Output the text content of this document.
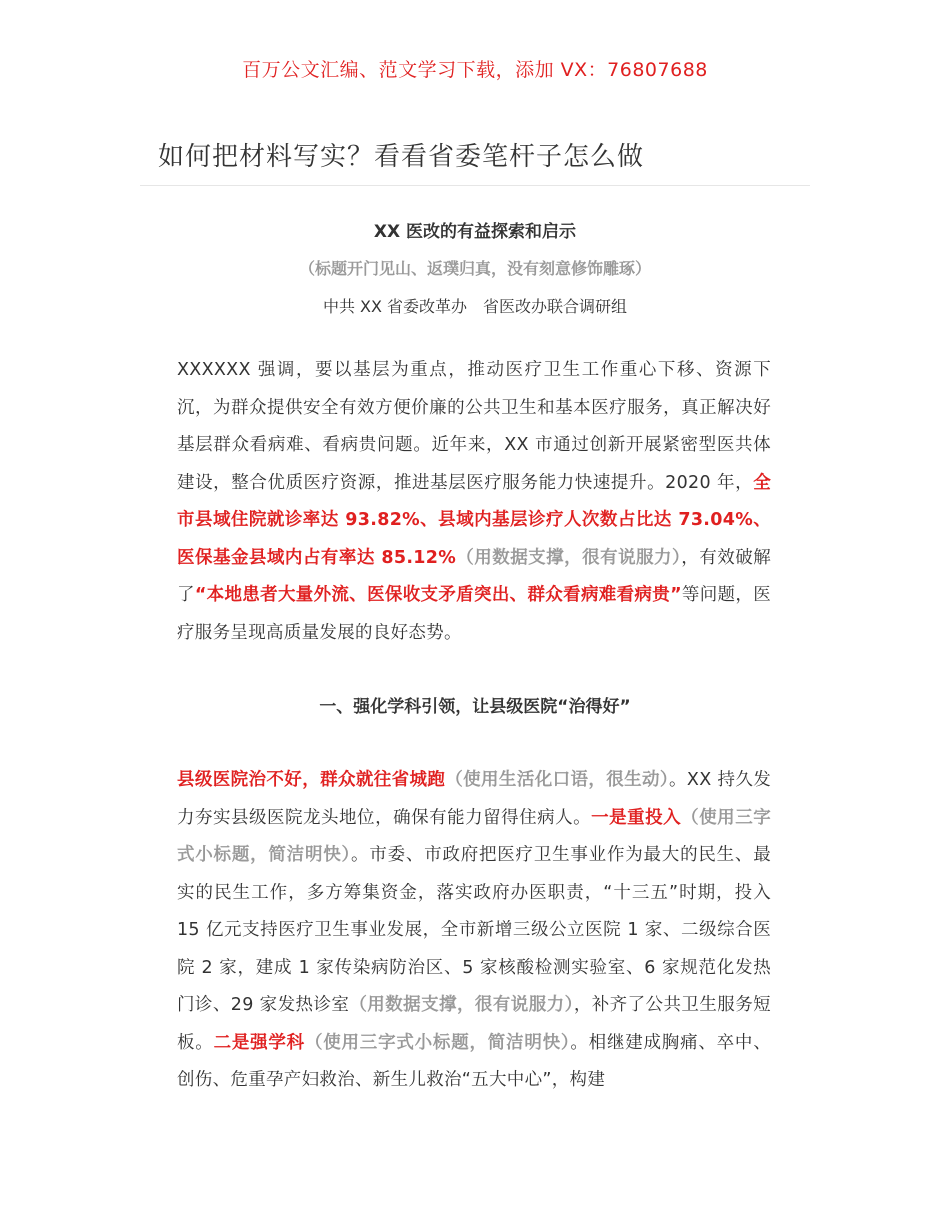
百万公文汇编、范文学习下载，添加 VX：76807688
如何把材料写实？看看省委笔杆子怎么做
XX 医改的有益探索和启示
（标题开门见山、返璞归真，没有刻意修饰雕琢）
中共 XX 省委改革办 省医改办联合调研组
XXXXXX 强调，要以基层为重点，推动医疗卫生工作重心下移、资源下沉，为群众提供安全有效方便价廉的公共卫生和基本医疗服务，真正解决好基层群众看病难、看病贵问题。近年来，XX 市通过创新开展紧密型医共体建设，整合优质医疗资源，推进基层医疗服务能力快速提升。2020 年，全市县域住院就诊率达 93.82%、县域内基层诊疗人次数占比达 73.04%、医保基金县域内占有率达 85.12%（用数据支撑，很有说服力），有效破解了“本地患者大量外流、医保收支矛盾突出、群众看病难看病贵”等问题，医疗服务呈现高质量发展的良好态势。
一、强化学科引领，让县级医院“治得好”
县级医院治不好，群众就往省城跑（使用生活化口语，很生动）。XX 持久发力夯实县级医院龙头地位，确保有能力留得住病人。一是重投入（使用三字式小标题，简洁明快）。市委、市政府把医疗卫生事业作为最大的民生、最实的民生工作，多方筹集资金，落实政府办医职责，“十三五”时期，投入 15 亿元支持医疗卫生事业发展，全市新增三级公立医院 1 家、二级综合医院 2 家，建成 1 家传染病防治区、5 家核酸检测实验室、6 家规范化发热门诊、29 家发热诊室（用数据支撑，很有说服力），补齐了公共卫生服务短板。二是强学科（使用三字式小标题，简洁明快）。相继建成胸痛、卒中、创伤、危重孕产妇救治、新生儿救治“五大中心”，构建
